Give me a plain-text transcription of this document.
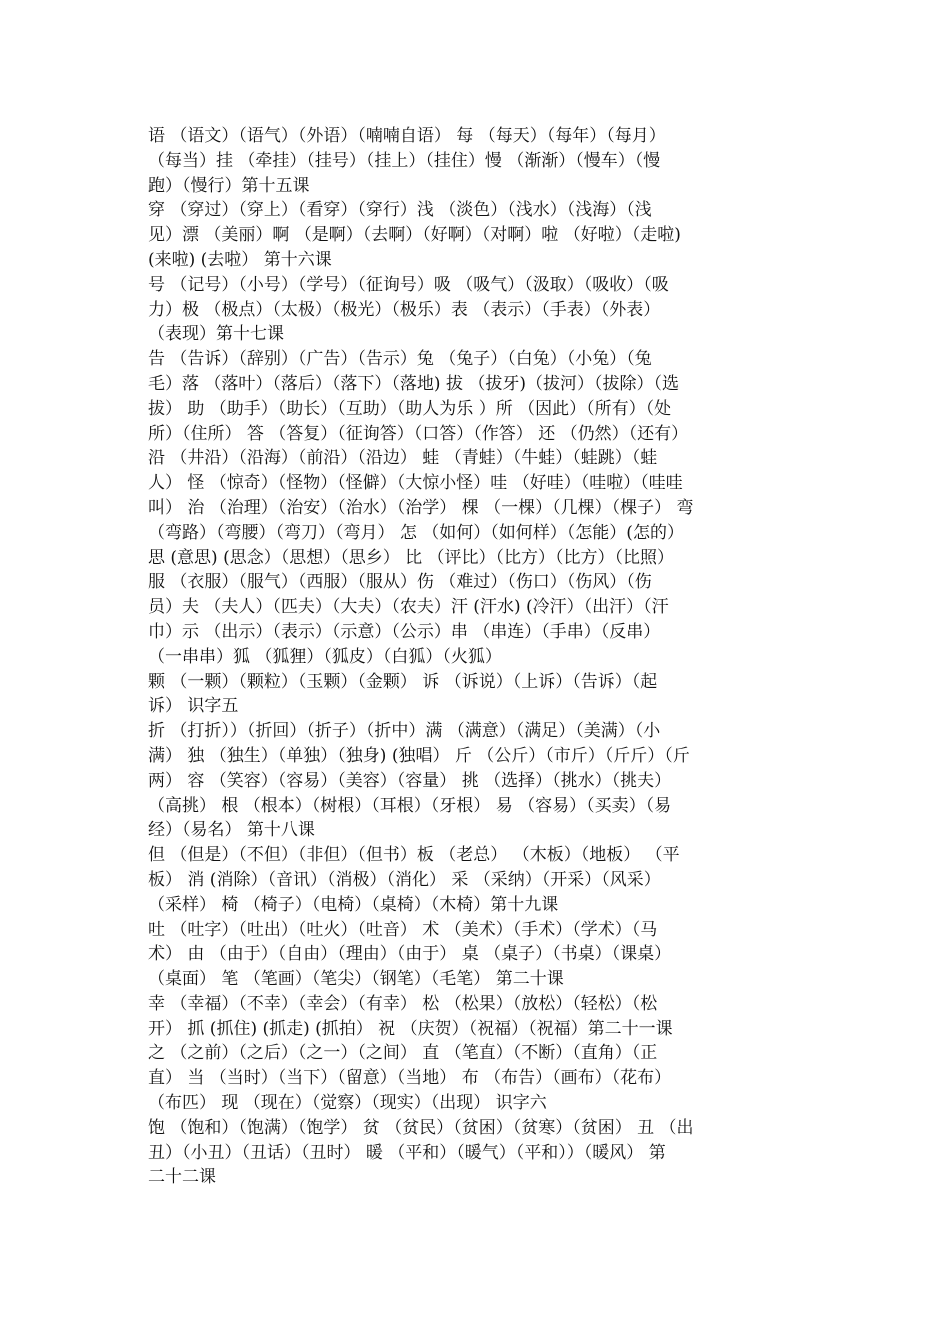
语 （语文）（语气）（外语）（喃喃自语） 每 （每天）（每年）（每月）
（每当）挂 （牵挂）（挂号）（挂上）（挂住）慢 （渐渐）（慢车）（慢
跑）（慢行）第十五课
穿 （穿过）（穿上）（看穿）（穿行）浅 （淡色）（浅水）（浅海）（浅
见）漂 （美丽）啊 （是啊）（去啊）（好啊）（对啊）啦 （好啦）（走啦)
(来啦) (去啦） 第十六课
号 （记号）（小号）（学号）（征询号）吸 （吸气）（汲取）（吸收）（吸
力）极 （极点）（太极）（极光）（极乐）表 （表示）（手表）（外表）
（表现）第十七课
告 （告诉）（辞别）（广告）（告示）兔 （兔子）（白兔）（小兔）（兔
毛）落 （落叶）（落后）（落下）（落地) 拔 （拔牙)（拔河）（拔除）（选
拔） 助 （助手）（助长）（互助）（助人为乐 ）所 （因此）（所有）（处
所）（住所） 答 （答复）（征询答）（口答）（作答） 还 （仍然）（还有）
沿 （井沿）（沿海）（前沿）（沿边） 蛙 （青蛙）（牛蛙）（蛙跳）（蛙
人） 怪 （惊奇）（怪物）（怪僻）（大惊小怪）哇 （好哇）（哇啦）（哇哇
叫） 治 （治理）（治安）（治水）（治学） 棵 （一棵）（几棵）（棵子） 弯
（弯路）（弯腰）（弯刀）（弯月） 怎 （如何）（如何样）（怎能）(怎的）
思 (意思) (思念）（思想）（思乡） 比 （评比）（比方）（比方）（比照）
服 （衣服）（服气）（西服）（服从）伤 （难过）（伤口）（伤风）（伤
员）夫 （夫人）（匹夫）（大夫）（农夫）汗 (汗水) (冷汗）（出汗）（汗
巾）示 （出示）（表示）（示意）（公示）串 （串连）（手串）（反串）
（一串串）狐 （狐狸）（狐皮）（白狐）（火狐）
颗 （一颗）（颗粒）（玉颗）（金颗） 诉 （诉说）（上诉）（告诉）（起
诉） 识字五
折 （打折））（折回）（折子）（折中）满 （满意）（满足）（美满）（小
满） 独 （独生）（单独）（独身) (独唱） 斤 （公斤）（市斤）（斤斤）（斤
两） 容 （笑容）（容易）（美容）（容量） 挑 （选择）（挑水）（挑夫）
（高挑） 根 （根本）（树根）（耳根）（牙根） 易 （容易）（买卖）（易
经）（易名） 第十八课
但 （但是）（不但）（非但）（但书）板 （老总） （木板）（地板） （平
板） 消 (消除）（音讯）（消极）（消化） 采 （采纳）（开采）（风采）
（采样） 椅 （椅子）（电椅）（桌椅）（木椅）第十九课
吐 （吐字）（吐出）（吐火）（吐音） 术 （美术）（手术）（学术）（马
术） 由 （由于）（自由）（理由）（由于） 桌 （桌子）（书桌）（课桌）
（桌面） 笔 （笔画）（笔尖）（钢笔）（毛笔） 第二十课
幸 （幸福）（不幸）（幸会）（有幸） 松 （松果）（放松）（轻松）（松
开） 抓 (抓住) (抓走) (抓拍） 祝 （庆贺）（祝福）（祝福）第二十一课
之 （之前）（之后）（之一）（之间） 直 （笔直）（不断）（直角）（正
直） 当 （当时）（当下）（留意）（当地） 布 （布告）（画布）（花布）
（布匹） 现 （现在）（觉察）（现实）（出现） 识字六
饱 （饱和）（饱满）（饱学） 贫 （贫民）（贫困）（贫寒）（贫困） 丑 （出
丑）（小丑）（丑话）（丑时） 暖 （平和）（暖气）（平和））（暖风） 第
二十二课
